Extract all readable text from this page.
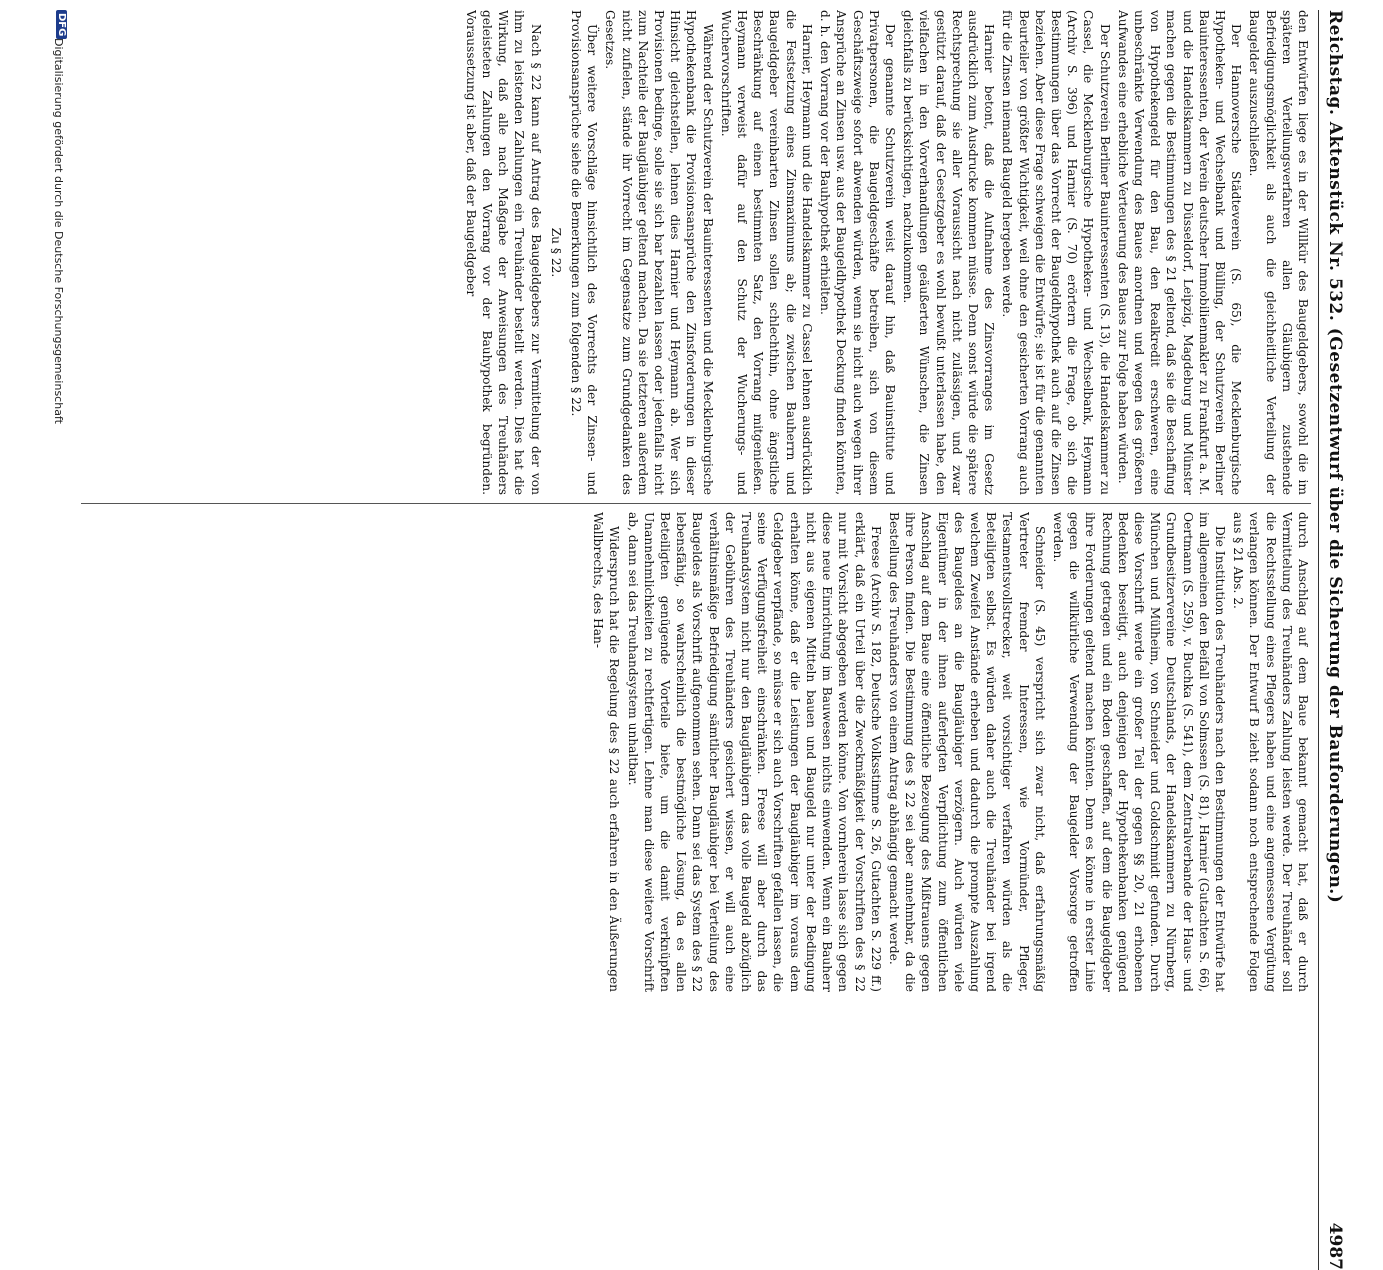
Reichstag. Aktenstück Nr. 532. (Gesetzentwurf über die Sicherung der Bauforderungen.)
4987

den Entwürfen liege es in der Willkür des Baugeldgebers, sowohl die im späteren Verteilungsverfahren allen Gläubigern zustehende Befriedigungsmöglichkeit als auch die gleichheitliche Verteilung der Baugelder auszuschließen.

Der Hannoversche Städteverein (S. 65), die Mecklenburgische Hypotheken- und Wechselbank und Bülling, der Schutzverein Berliner Bauinteressenten, der Verein deutscher Immobilienmakler zu Frankfurt a. M. und die Handelskammern zu Düsseldorf, Leipzig, Magdeburg und Münster machen gegen die Bestimmungen des § 21 geltend, daß sie die Beschaffung von Hypothekengeld für den Bau, den Realkredit erschweren, eine unbeschränkte Verwendung des Baues anordnen und wegen des größeren Aufwandes eine erhebliche Verteuerung des Baues zur Folge haben würden.

Der Schutzverein Berliner Bauinteressenten (S. 13), die Handelskammer zu Cassel, die Mecklenburgische Hypotheken- und Wechselbank, Heymann (Archiv S. 396) und Harnier (S. 70) erörtern die Frage, ob sich die Bestimmungen über das Vorrecht der Baugeldhypothek auch auf die Zinsen beziehen. Aber diese Frage schweigen die Entwürfe; sie ist für die genannten Beurteiler von größter Wichtigkeit, weil ohne den gesicherten Vorrang auch für die Zinsen niemand Baugeld hergeben werde.

Harnier betont, daß die Aufnahme des Zinsvorranges im Gesetz ausdrücklich zum Ausdrucke kommen müsse. Denn sonst würde die spätere Rechtsprechung sie aller Voraussicht nach nicht zulässigen, und zwar gestützt darauf, daß der Gesetzgeber es wohl bewußt unterlassen habe, den vielfachen in den Vorverhandlungen geäußerten Wünschen, die Zinsen gleichfalls zu berücksichtigen, nachzukommen.

Der genannte Schutzverein weist darauf hin, daß Bauinstitute und Privatpersonen, die Baugeldgeschäfte betreiben, sich von diesem Geschäftszweige sofort abwenden würden, wenn sie nicht auch wegen ihrer Ansprüche an Zinsen usw. aus der Baugeldhypothek Deckung finden könnten, d. h. den Vorrang vor der Bauhypothek erhielten.

Harnier, Heymann und die Handelskammer zu Cassel lehnen ausdrücklich die Festsetzung eines Zinsmaximums ab; die zwischen Bauherrn und Baugeldgeber vereinbarten Zinsen sollen schlechthin, ohne ängstliche Beschränkung auf einen bestimmten Satz, den Vorrang mitgenießen. Heymann verweist dafür auf den Schutz der Wucherungs- und Wuchervorschriften.

Während der Schutzverein der Bauinteressenten und die Mecklenburgische Hypothekenbank die Provisionsansprüche den Zinsforderungen in dieser Hinsicht gleichstellen, lehnen dies Harnier und Heymann ab. Wer sich Provisionen bedinge, solle sie sich bar bezahlen lassen oder jedenfalls nicht zum Nachteile der Baugläubiger geltend machen. Da sie letzteren außerdem nicht zufielen, stände ihr Vorrecht im Gegensatze zum Grundgedanken des Gesetzes.

Über weitere Vorschläge hinsichtlich des Vorrechts der Zinsen- und Provisionsansprüche siehe die Bemerkungen zum folgenden § 22.

Zu § 22.

Nach § 22 kann auf Antrag des Baugeldgebers zur Vermittelung der von ihm zu leistenden Zahlungen ein Treuhänder bestellt werden. Dies hat die Wirkung, daß alle nach Maßgabe der Anweisungen des Treuhänders geleisteten Zahlungen den Vorrang vor der Bauhypothek begründen. Voraussetzung ist aber, daß der Baugeldgeber

durch Anschlag auf dem Baue bekannt gemacht hat, daß er durch Vermittelung des Treuhänders Zahlung leisten werde. Der Treuhänder soll die Rechtsstellung eines Pflegers haben und eine angemessene Vergütung verlangen können. Der Entwurf B zieht sodann noch entsprechende Folgen aus § 21 Abs. 2.

Die Institution des Treuhänders nach den Bestimmungen der Entwürfe hat im allgemeinen den Beifall von Solmssen (S. 81), Harnier (Gutachten S. 66), Oertmann (S. 259), v. Buchka (S. 541), dem Zentralverbande der Haus- und Grundbesitzervereine Deutschlands, der Handelskammern zu Nürnberg, München und Mülheim, von Schneider und Goldschmidt gefunden. Durch diese Vorschrift werde ein großer Teil der gegen §§ 20, 21 erhobenen Bedenken beseitigt, auch denjenigen der Hypothekenbanken genügend Rechnung getragen und ein Boden geschaffen, auf dem die Baugeldgeber ihre Forderungen geltend machen könnten. Denn es könne in erster Linie gegen die willkürliche Verwendung der Baugelder Vorsorge getroffen werden.

Schneider (S. 45) verspricht sich zwar nicht, daß erfahrungsmäßig Vertreter fremder Interessen, wie Vormünder, Pfleger, Testamentsvollstrecker, weit vorsichtiger verfahren würden als die Beteiligten selbst. Es würden daher auch die Treuhänder bei irgend welchem Zweifel Anstände erheben und dadurch die prompte Auszahlung des Baugeldes an die Baugläubiger verzögern. Auch würden viele Eigentümer in der ihnen auferlegten Verpflichtung zum öffentlichen Anschlag auf dem Baue eine öffentliche Bezeugung des Mißtrauens gegen ihre Person finden. Die Bestimmung des § 22 sei aber annehmbar, da die Bestellung des Treuhänders von einem Antrag abhängig gemacht werde.

Freese (Archiv S. 182, Deutsche Volksstimme S. 26, Gutachten S. 229 ff.) erklärt, daß ein Urteil über die Zweckmäßigkeit der Vorschriften des § 22 nur mit Vorsicht abgegeben werden könne. Von vornherein lasse sich gegen diese neue Einrichtung im Bauwesen nichts einwenden. Wenn ein Bauherr nicht aus eigenen Mitteln bauen und Baugeld nur unter der Bedingung erhalten könne, daß er die Leistungen der Baugläubiger im voraus dem Geldgeber verpfände, so müsse er sich auch Vorschriften gefallen lassen, die seine Verfügungsfreiheit einschränken. Freese will aber durch das Treuhandsystem nicht nur den Baugläubigern das volle Baugeld abzüglich der Gebühren des Treuhänders gesichert wissen, er will auch eine verhältnismäßige Befriedigung sämtlicher Baugläubiger bei Verteilung des Baugeldes als Vorschrift aufgenommen sehen. Dann sei das System des § 22 lebensfähig, so wahrscheinlich die bestmögliche Lösung, da es allen Beteiligten genügende Vorteile biete, um die damit verknüpften Unannehmlichkeiten zu rechtfertigen. Lehne man diese weitere Vorschrift ab, dann sei das Treuhandsystem unhaltbar.

Widerspruch hat die Regelung des § 22 auch erfahren in den Äußerungen Wallbrechts, des Han-

DFG
Digitalisierung gefördert durch die Deutsche Forschungsgemeinschaft
